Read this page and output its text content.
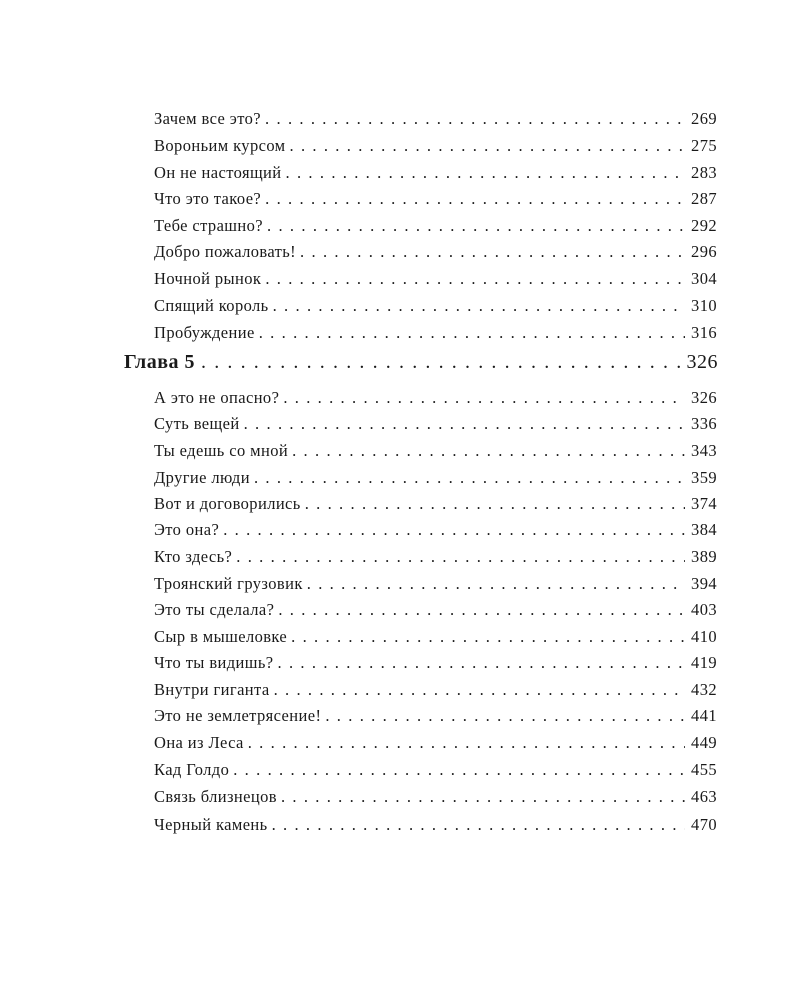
Зачем все это? . . .	269
Вороньим курсом . . .	275
Он не настоящий . . .	283
Что это такое? . . .	287
Тебе страшно? . . .	292
Добро пожаловать! . . .	296
Ночной рынок . . .	304
Спящий король . . .	310
Пробуждение . . .	316
Глава 5 . . .	326
А это не опасно? . . .	326
Суть вещей . . .	336
Ты едешь со мной . . .	343
Другие люди . . .	359
Вот и договорились . . .	374
Это она? . . .	384
Кто здесь? . . .	389
Троянский грузовик . . .	394
Это ты сделала? . . .	403
Сыр в мышеловке . . .	410
Что ты видишь? . . .	419
Внутри гиганта . . .	432
Это не землетрясение! . . .	441
Она из Леса . . .	449
Кад Голдо . . .	455
Связь близнецов . . .	463
Черный камень . . .	470
